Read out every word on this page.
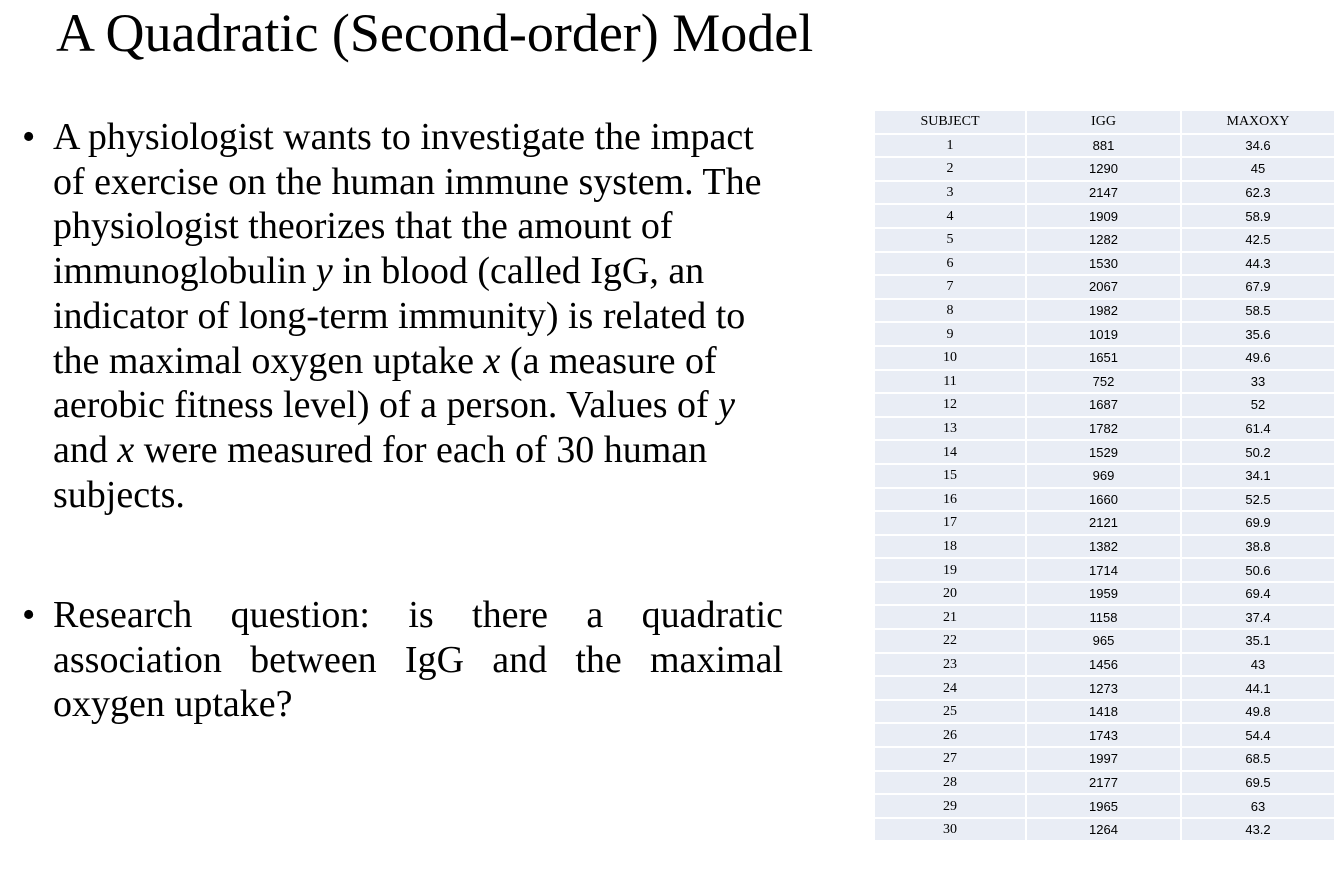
A Quadratic (Second-order) Model
• A physiologist wants to investigate the impact of exercise on the human immune system. The physiologist theorizes that the amount of immunoglobulin y in blood (called IgG, an indicator of long-term immunity) is related to the maximal oxygen uptake x (a measure of aerobic fitness level) of a person. Values of y and x were measured for each of 30 human subjects.

• Research question: is there a quadratic association between IgG and the maximal oxygen uptake?

SUBJECT	IGG	MAXOXY
1	881	34.6
2	1290	45
3	2147	62.3
4	1909	58.9
5	1282	42.5
6	1530	44.3
7	2067	67.9
8	1982	58.5
9	1019	35.6
10	1651	49.6
11	752	33
12	1687	52
13	1782	61.4
14	1529	50.2
15	969	34.1
16	1660	52.5
17	2121	69.9
18	1382	38.8
19	1714	50.6
20	1959	69.4
21	1158	37.4
22	965	35.1
23	1456	43
24	1273	44.1
25	1418	49.8
26	1743	54.4
27	1997	68.5
28	2177	69.5
29	1965	63
30	1264	43.2
